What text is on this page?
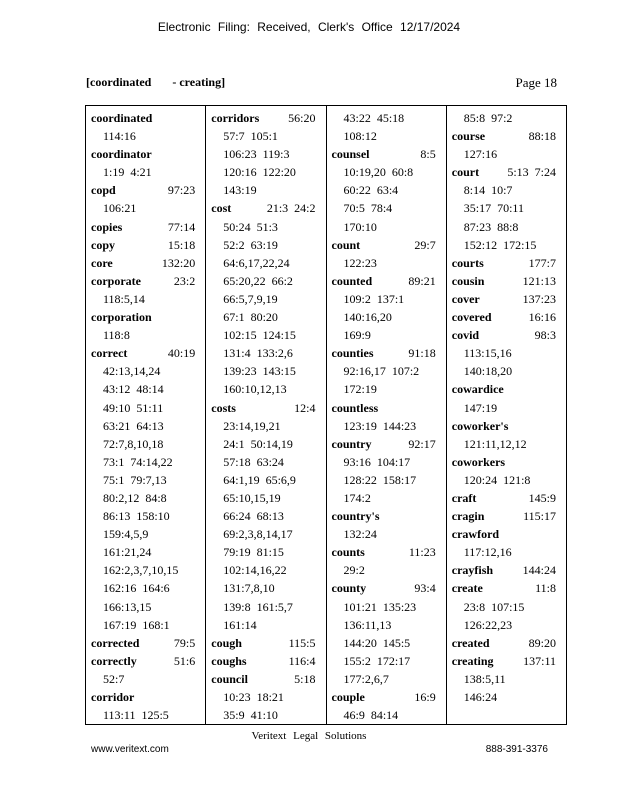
Electronic Filing: Received, Clerk's Office 12/17/2024
[coordinated       - creating]	Page 18
coordinated
114:16
coordinator
1:19  4:21
copd	97:23
106:21
copies	77:14
copy	15:18
core	132:20
corporate	23:2
118:5,14
corporation
118:8
correct	40:19
42:13,14,24
43:12  48:14
49:10  51:11
63:21  64:13
72:7,8,10,18
73:1  74:14,22
75:1  79:7,13
80:2,12  84:8
86:13  158:10
159:4,5,9
161:21,24
162:2,3,7,10,15
162:16  164:6
166:13,15
167:19  168:1
corrected	79:5
correctly	51:6
52:7
corridor
113:11  125:5
corridors 56:20
57:7  105:1
106:23  119:3
120:16  122:20
143:19
cost	21:3  24:2
50:24  51:3
52:2  63:19
64:6,17,22,24
65:20,22  66:2
66:5,7,9,19
67:1  80:20
102:15  124:15
131:4  133:2,6
139:23  143:15
160:10,12,13
costs	12:4
23:14,19,21
24:1  50:14,19
57:18  63:24
64:1,19  65:6,9
65:10,15,19
66:24  68:13
69:2,3,8,14,17
79:19  81:15
102:14,16,22
131:7,8,10
139:8  161:5,7
161:14
cough	115:5
coughs	116:4
council	5:18
10:23  18:21
35:9  41:10
43:22  45:18
108:12
counsel	8:5
10:19,20  60:8
60:22  63:4
70:5  78:4
170:10
count	29:7
122:23
counted	89:21
109:2  137:1
140:16,20
169:9
counties	91:18
92:16,17  107:2
172:19
countless
123:19  144:23
country	92:17
93:16  104:17
128:22  158:17
174:2
country's
132:24
counts	11:23
29:2
county	93:4
101:21  135:23
136:11,13
144:20  145:5
155:2  172:17
177:2,6,7
couple	16:9
46:9  84:14
85:8  97:2
course	88:18
127:16
court 5:13  7:24
8:14  10:7
35:17  70:11
87:23  88:8
152:12  172:15
courts	177:7
cousin	121:13
cover	137:23
covered	16:16
covid	98:3
113:15,16
140:18,20
cowardice
147:19
coworker's
121:11,12,12
coworkers
120:24  121:8
craft	145:9
cragin	115:17
crawford
117:12,16
crayfish 144:24
create	11:8
23:8  107:15
126:22,23
created	89:20
creating 137:11
138:5,11
146:24
Veritext Legal Solutions
www.veritext.com	888-391-3376
